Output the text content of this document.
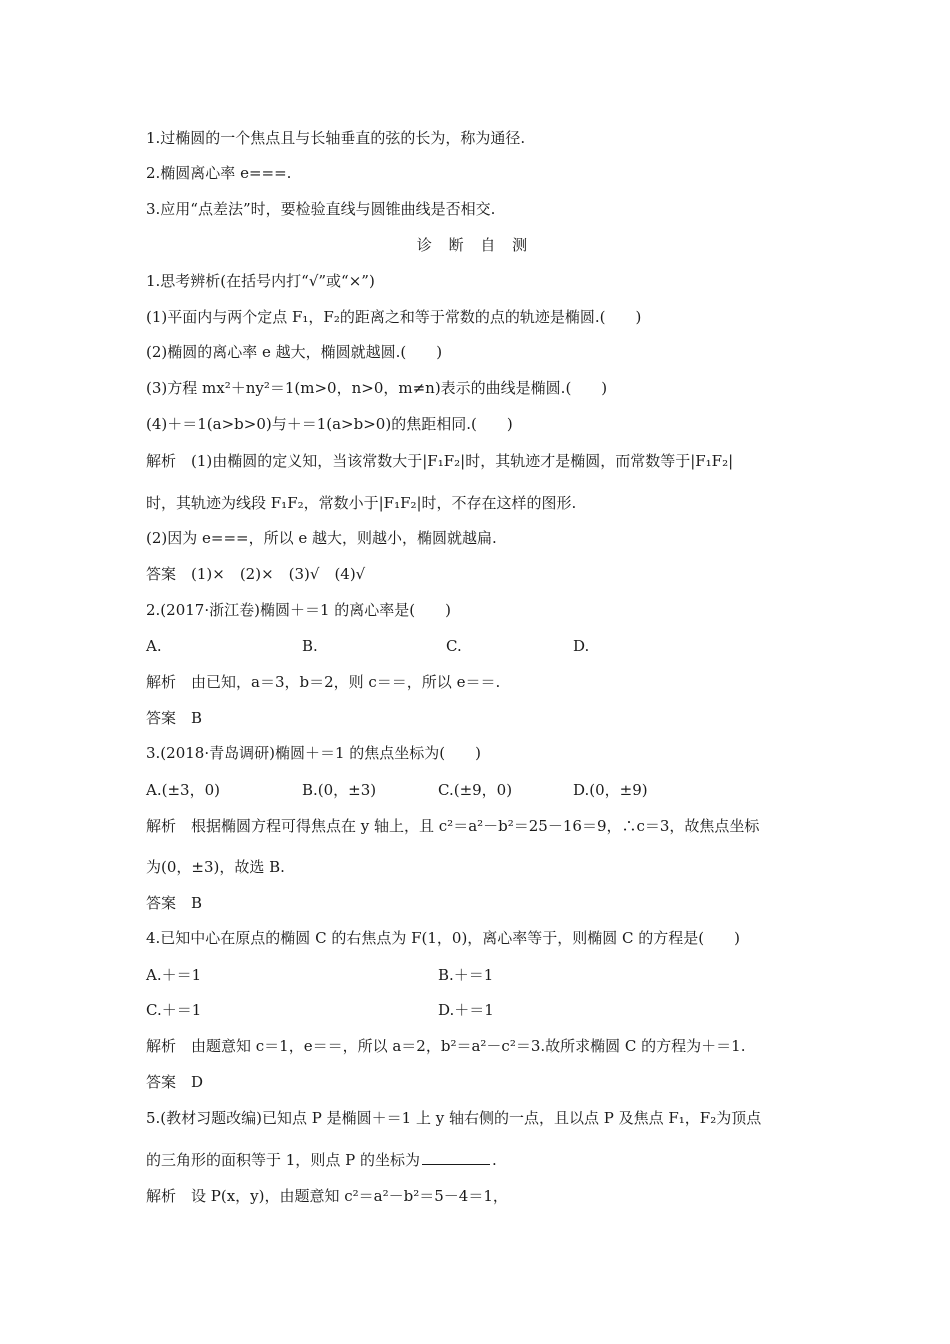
1.过椭圆的一个焦点且与长轴垂直的弦的长为，称为通径.
2.椭圆离心率 e===.
3.应用“点差法”时，要检验直线与圆锥曲线是否相交.
诊 断 自 测
1.思考辨析(在括号内打“√”或“×”)
(1)平面内与两个定点 F₁，F₂的距离之和等于常数的点的轨迹是椭圆.(　　)
(2)椭圆的离心率 e 越大，椭圆就越圆.(　　)
(3)方程 mx²＋ny²＝1(m>0，n>0，m≠n)表示的曲线是椭圆.(　　)
(4)＋＝1(a>b>0)与＋＝1(a>b>0)的焦距相同.(　　)
解析　(1)由椭圆的定义知，当该常数大于|F₁F₂|时，其轨迹才是椭圆，而常数等于|F₁F₂|
时，其轨迹为线段 F₁F₂，常数小于|F₁F₂|时，不存在这样的图形.
(2)因为 e===，所以 e 越大，则越小，椭圆就越扁.
答案　(1)×　(2)×　(3)√　(4)√
2.(2017·浙江卷)椭圆＋＝1 的离心率是(　　)
A.	B.	C.	D.
解析　由已知，a＝3，b＝2，则 c＝＝，所以 e＝＝.
答案　B
3.(2018·青岛调研)椭圆＋＝1 的焦点坐标为(　　)
A.(±3，0)	B.(0，±3)	C.(±9，0)	D.(0，±9)
解析　根据椭圆方程可得焦点在 y 轴上，且 c²＝a²－b²＝25－16＝9，∴c＝3，故焦点坐标
为(0，±3)，故选 B.
答案　B
4.已知中心在原点的椭圆 C 的右焦点为 F(1，0)，离心率等于，则椭圆 C 的方程是(　　)
A.＋＝1	B.＋＝1
C.＋＝1	D.＋＝1
解析　由题意知 c＝1，e＝＝，所以 a＝2，b²＝a²－c²＝3.故所求椭圆 C 的方程为＋＝1.
答案　D
5.(教材习题改编)已知点 P 是椭圆＋＝1 上 y 轴右侧的一点，且以点 P 及焦点 F₁，F₂为顶点
的三角形的面积等于 1，则点 P 的坐标为	.
解析　设 P(x，y)，由题意知 c²＝a²－b²＝5－4＝1，
